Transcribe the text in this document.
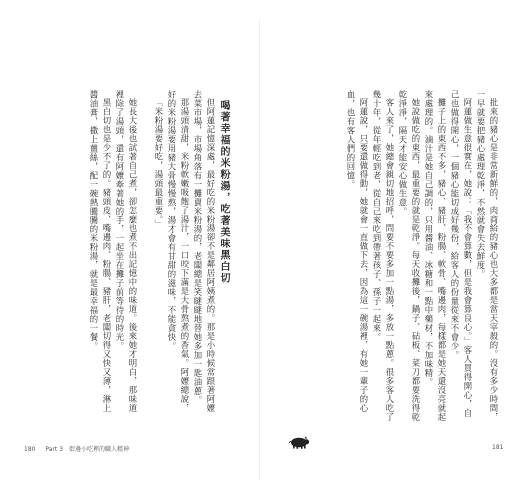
喝著幸福的米粉湯，吃著美味黑白切

但阿蓮記憶深處，最好吃的米粉湯卻不是鄰居阿姨煮的。那是小時候常跟著阿嬤去菜市場，市場角落有一攤賣米粉湯的，老闆總是笑瞇瞇地替她多加一匙油蔥。

那湯頭清甜，米粉軟嫩吸飽了湯汁，一口咬下滿是大骨熬煮的香氣。阿嬤總說，好的米粉湯要用豬大骨慢慢熬，湯才會有甘甜的滋味，不能貪快。

「米粉湯要好吃，湯頭最重要。」

她長大後也試著自己煮，卻怎麼也煮不出記憶中的味道。後來她才明白，那味道裡除了湯頭，還有阿嬤牽著她的手，一起坐在攤子前等待的時光。

黑白切也是少不了的。豬頭皮、嘴邊肉、粉腸、豬肝，老闆切得又快又薄，淋上醬油膏，撒上薑絲，配一碗熱騰騰的米粉湯，就是最幸福的一餐。

180 Part 3　街邊小吃裡的職人精神

批來的豬心是非常新鮮的，肉商給的豬心也大多都是當天宰殺的。沒有多少時間，一早就要把豬心處理乾淨，不然就會失去鮮度。

阿蓮做生意很實在，她說：「我不會算數，但是我會算良心。」客人買得開心，自己也做得開心，一個豬心能切成好幾份，給客人的份量從來不會少。

攤子上的東西不多，豬心、豬肝、粉腸、軟骨、嘴邊肉，每樣都是她天還沒亮就起來處理的。滷汁是她自己調的，只用醬油、冰糖和一點中藥材，不加味精。

她說做吃的東西，最重要的就是乾淨。每天收攤後，鍋子、砧板、菜刀都要洗得乾乾淨淨，隔天才能安心做生意。

客人來了，她總會親切地招呼，問要不要多加一點湯，多放一點蔥。很多客人吃了幾十年，從年輕吃到老，從自己來吃到帶著孩子、孫子一起來。

阿蓮說，只要還做得動，她就會一直做下去，因為這一碗湯裡，有她一輩子的心血，也有客人們的回憶。

181
